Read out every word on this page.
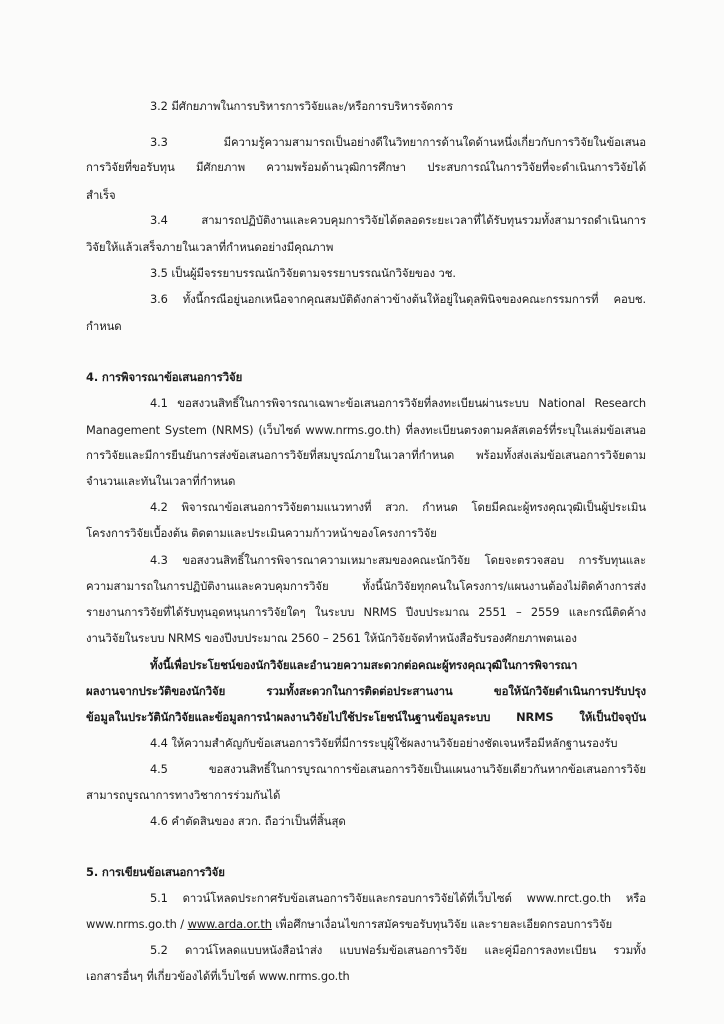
3.2 มีศักยภาพในการบริหารการวิจัยและ/หรือการบริหารจัดการ
3.3 มีความรู้ความสามารถเป็นอย่างดีในวิทยาการด้านใดด้านหนึ่งเกี่ยวกับการวิจัยในข้อเสนอ
การวิจัยที่ขอรับทุน มีศักยภาพ ความพร้อมด้านวุฒิการศึกษา ประสบการณ์ในการวิจัยที่จะดำเนินการวิจัยได้
สำเร็จ
3.4 สามารถปฏิบัติงานและควบคุมการวิจัยได้ตลอดระยะเวลาที่ได้รับทุนรวมทั้งสามารถดำเนินการ
วิจัยให้แล้วเสร็จภายในเวลาที่กำหนดอย่างมีคุณภาพ
3.5 เป็นผู้มีจรรยาบรรณนักวิจัยตามจรรยาบรรณนักวิจัยของ วช.
3.6 ทั้งนี้กรณีอยู่นอกเหนือจากคุณสมบัติดังกล่าวข้างต้นให้อยู่ในดุลพินิจของคณะกรรมการที่ คอบช.
กำหนด
4. การพิจารณาข้อเสนอการวิจัย
4.1 ขอสงวนสิทธิ์ในการพิจารณาเฉพาะข้อเสนอการวิจัยที่ลงทะเบียนผ่านระบบ National Research
Management System (NRMS) (เว็บไซต์ www.nrms.go.th) ที่ลงทะเบียนตรงตามคลัสเตอร์ที่ระบุในเล่มข้อเสนอ
การวิจัยและมีการยืนยันการส่งข้อเสนอการวิจัยที่สมบูรณ์ภายในเวลาที่กำหนด พร้อมทั้งส่งเล่มข้อเสนอการวิจัยตาม
จำนวนและทันในเวลาที่กำหนด
4.2 พิจารณาข้อเสนอการวิจัยตามแนวทางที่ สวก. กำหนด โดยมีคณะผู้ทรงคุณวุฒิเป็นผู้ประเมิน
โครงการวิจัยเบื้องต้น ติดตามและประเมินความก้าวหน้าของโครงการวิจัย
4.3 ขอสงวนสิทธิ์ในการพิจารณาความเหมาะสมของคณะนักวิจัย โดยจะตรวจสอบ การรับทุนและ
ความสามารถในการปฏิบัติงานและควบคุมการวิจัย ทั้งนี้นักวิจัยทุกคนในโครงการ/แผนงานต้องไม่ติดค้างการส่ง
รายงานการวิจัยที่ได้รับทุนอุดหนุนการวิจัยใดๆ ในระบบ NRMS ปีงบประมาณ 2551 – 2559 และกรณีติดค้าง
งานวิจัยในระบบ NRMS ของปีงบประมาณ 2560 – 2561 ให้นักวิจัยจัดทำหนังสือรับรองศักยภาพตนเอง
ทั้งนี้เพื่อประโยชน์ของนักวิจัยและอำนวยความสะดวกต่อคณะผู้ทรงคุณวุฒิในการพิจารณา
ผลงานจากประวัติของนักวิจัย รวมทั้งสะดวกในการติดต่อประสานงาน ขอให้นักวิจัยดำเนินการปรับปรุง
ข้อมูลในประวัตินักวิจัยและข้อมูลการนำผลงานวิจัยไปใช้ประโยชน์ในฐานข้อมูลระบบ NRMS ให้เป็นปัจจุบัน
4.4 ให้ความสำคัญกับข้อเสนอการวิจัยที่มีการระบุผู้ใช้ผลงานวิจัยอย่างชัดเจนหรือมีหลักฐานรองรับ
4.5 ขอสงวนสิทธิ์ในการบูรณาการข้อเสนอการวิจัยเป็นแผนงานวิจัยเดียวกันหากข้อเสนอการวิจัย
สามารถบูรณาการทางวิชาการร่วมกันได้
4.6 คำตัดสินของ สวก. ถือว่าเป็นที่สิ้นสุด
5. การเขียนข้อเสนอการวิจัย
5.1 ดาวน์โหลดประกาศรับข้อเสนอการวิจัยและกรอบการวิจัยได้ที่เว็บไซต์ www.nrct.go.th หรือ
www.nrms.go.th / www.arda.or.th เพื่อศึกษาเงื่อนไขการสมัครขอรับทุนวิจัย และรายละเอียดกรอบการวิจัย
5.2 ดาวน์โหลดแบบหนังสือนำส่ง แบบฟอร์มข้อเสนอการวิจัย และคู่มือการลงทะเบียน รวมทั้ง
เอกสารอื่นๆ ที่เกี่ยวข้องได้ที่เว็บไซต์ www.nrms.go.th
